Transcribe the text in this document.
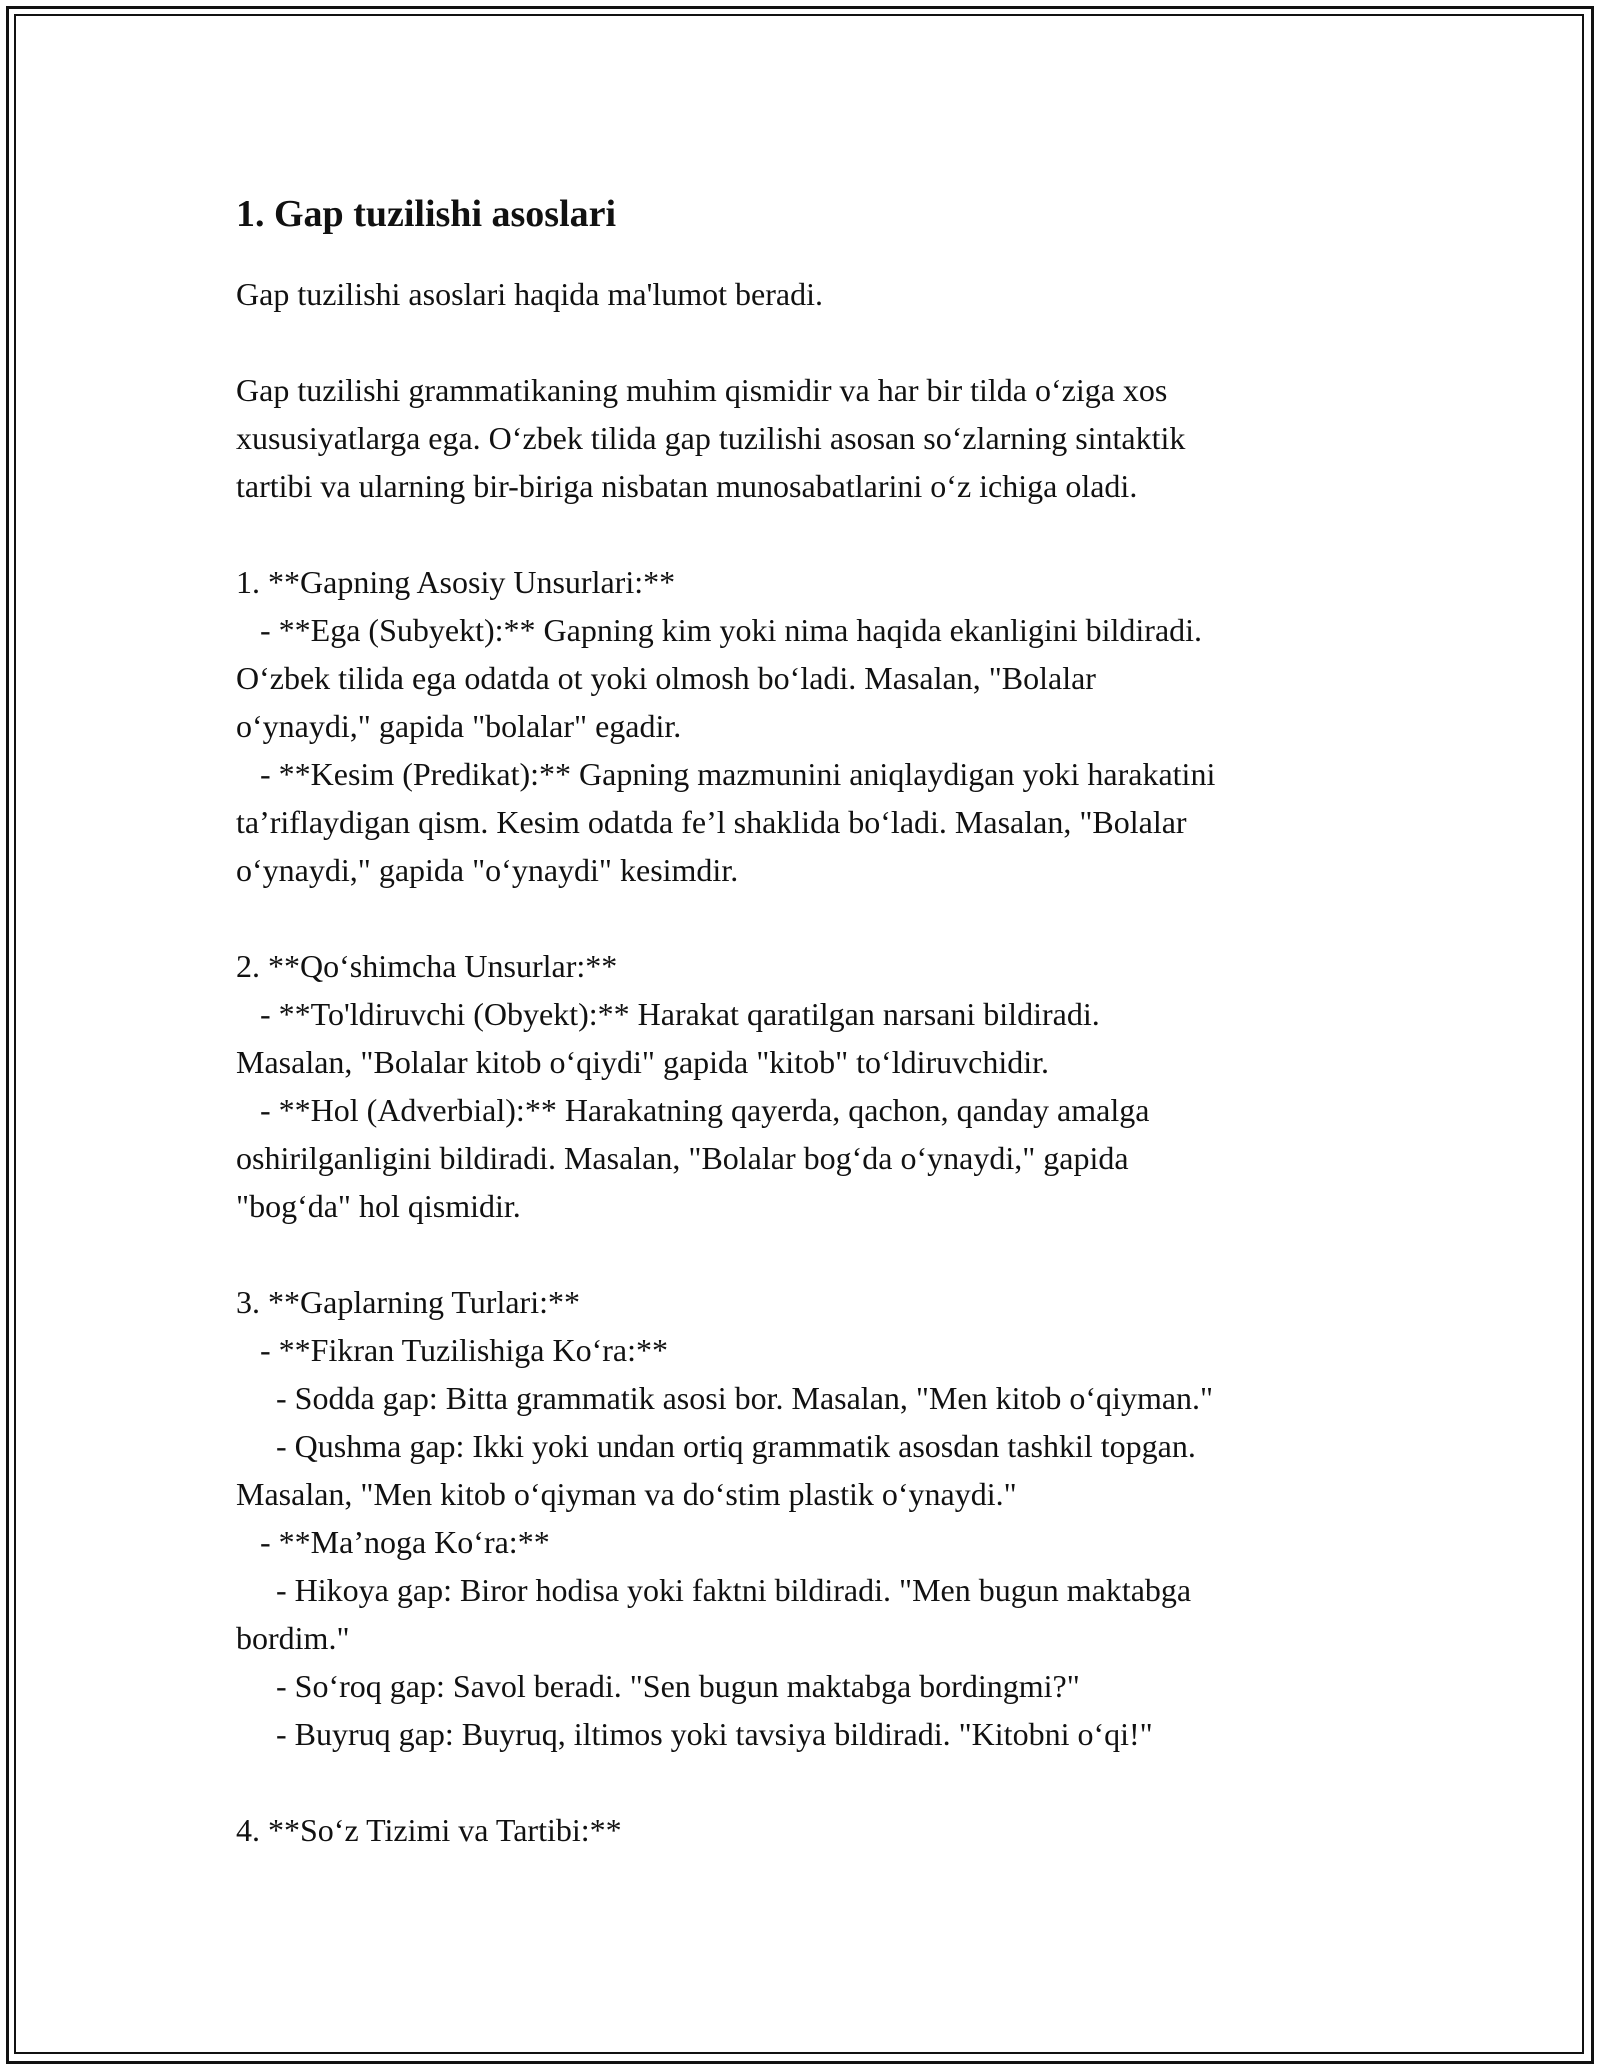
1. Gap tuzilishi asoslari

Gap tuzilishi asoslari haqida ma'lumot beradi.

Gap tuzilishi grammatikaning muhim qismidir va har bir tilda o‘ziga xos
xususiyatlarga ega. O‘zbek tilida gap tuzilishi asosan so‘zlarning sintaktik
tartibi va ularning bir-biriga nisbatan munosabatlarini o‘z ichiga oladi.
1. **Gapning Asosiy Unsurlari:**
- **Ega (Subyekt):** Gapning kim yoki nima haqida ekanligini bildiradi.
O‘zbek tilida ega odatda ot yoki olmosh bo‘ladi. Masalan, "Bolalar
o‘ynaydi," gapida "bolalar" egadir.
- **Kesim (Predikat):** Gapning mazmunini aniqlaydigan yoki harakatini
ta’riflaydigan qism. Kesim odatda fe’l shaklida bo‘ladi. Masalan, "Bolalar
o‘ynaydi," gapida "o‘ynaydi" kesimdir.
2. **Qo‘shimcha Unsurlar:**
- **To'ldiruvchi (Obyekt):** Harakat qaratilgan narsani bildiradi.
Masalan, "Bolalar kitob o‘qiydi" gapida "kitob" to‘ldiruvchidir.
- **Hol (Adverbial):** Harakatning qayerda, qachon, qanday amalga
oshirilganligini bildiradi. Masalan, "Bolalar bog‘da o‘ynaydi," gapida
"bog‘da" hol qismidir.
3. **Gaplarning Turlari:**
- **Fikran Tuzilishiga Ko‘ra:**
- Sodda gap: Bitta grammatik asosi bor. Masalan, "Men kitob o‘qiyman."
- Qushma gap: Ikki yoki undan ortiq grammatik asosdan tashkil topgan.
Masalan, "Men kitob o‘qiyman va do‘stim plastik o‘ynaydi."
- **Ma’noga Ko‘ra:**
- Hikoya gap: Biror hodisa yoki faktni bildiradi. "Men bugun maktabga
bordim."
- So‘roq gap: Savol beradi. "Sen bugun maktabga bordingmi?"
- Buyruq gap: Buyruq, iltimos yoki tavsiya bildiradi. "Kitobni o‘qi!"
4. **So‘z Tizimi va Tartibi:**
